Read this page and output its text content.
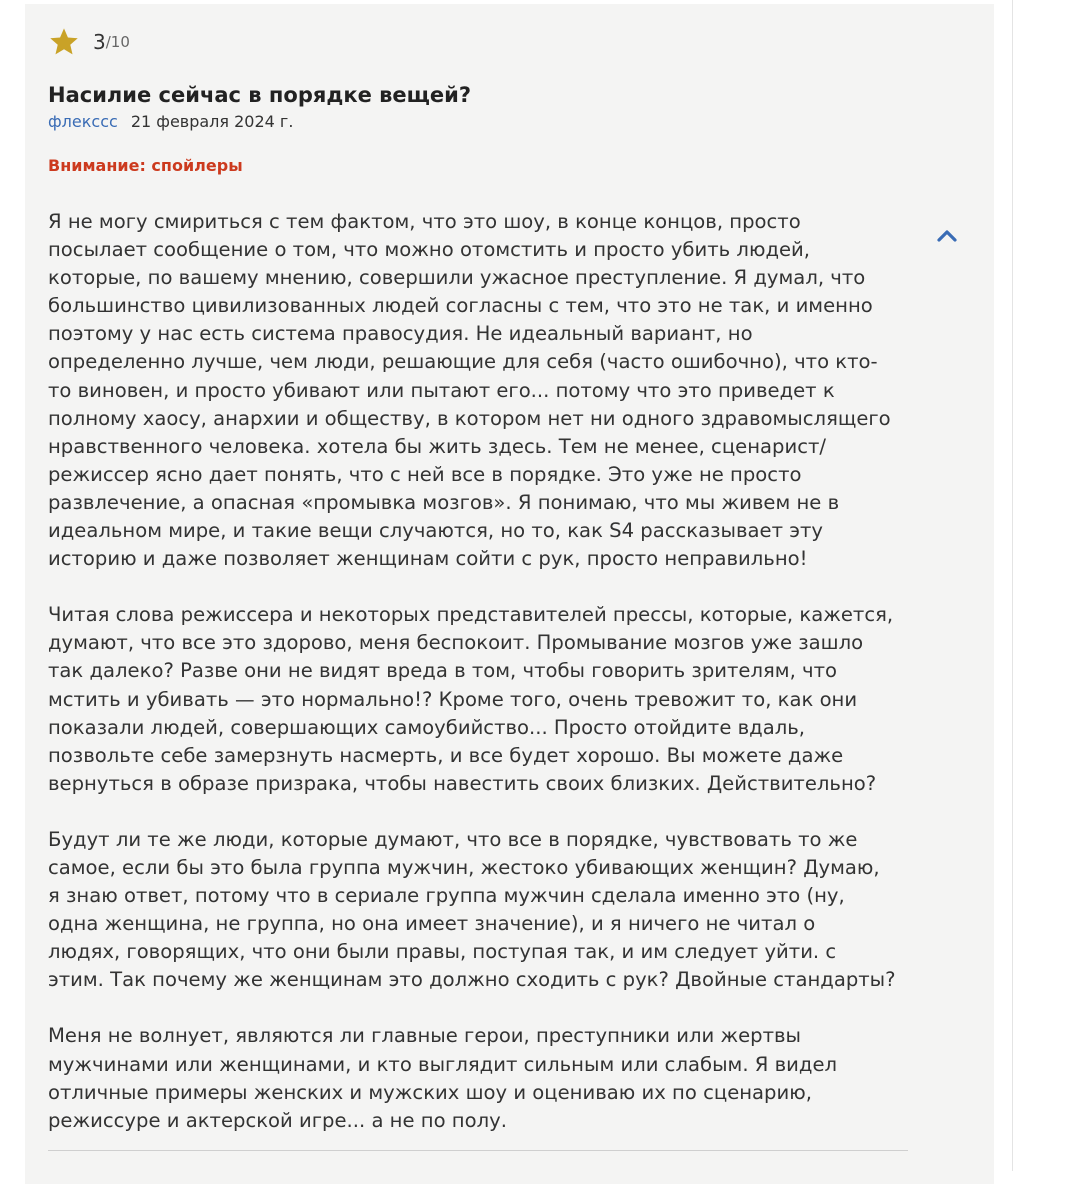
3 /10
Насилие сейчас в порядке вещей?
флекссс 21 февраля 2024 г.
Внимание: спойлеры

Я не могу смириться с тем фактом, что это шоу, в конце концов, просто
посылает сообщение о том, что можно отомстить и просто убить людей,
которые, по вашему мнению, совершили ужасное преступление. Я думал, что
большинство цивилизованных людей согласны с тем, что это не так, и именно
поэтому у нас есть система правосудия. Не идеальный вариант, но
определенно лучше, чем люди, решающие для себя (часто ошибочно), что кто-
то виновен, и просто убивают или пытают его... потому что это приведет к
полному хаосу, анархии и обществу, в котором нет ни одного здравомыслящего
нравственного человека. хотела бы жить здесь. Тем не менее, сценарист/
режиссер ясно дает понять, что с ней все в порядке. Это уже не просто
развлечение, а опасная «промывка мозгов». Я понимаю, что мы живем не в
идеальном мире, и такие вещи случаются, но то, как S4 рассказывает эту
историю и даже позволяет женщинам сойти с рук, просто неправильно!

Читая слова режиссера и некоторых представителей прессы, которые, кажется,
думают, что все это здорово, меня беспокоит. Промывание мозгов уже зашло
так далеко? Разве они не видят вреда в том, чтобы говорить зрителям, что
мстить и убивать — это нормально!? Кроме того, очень тревожит то, как они
показали людей, совершающих самоубийство... Просто отойдите вдаль,
позвольте себе замерзнуть насмерть, и все будет хорошо. Вы можете даже
вернуться в образе призрака, чтобы навестить своих близких. Действительно?

Будут ли те же люди, которые думают, что все в порядке, чувствовать то же
самое, если бы это была группа мужчин, жестоко убивающих женщин? Думаю,
я знаю ответ, потому что в сериале группа мужчин сделала именно это (ну,
одна женщина, не группа, но она имеет значение), и я ничего не читал о
людях, говорящих, что они были правы, поступая так, и им следует уйти. с
этим. Так почему же женщинам это должно сходить с рук? Двойные стандарты?

Меня не волнует, являются ли главные герои, преступники или жертвы
мужчинами или женщинами, и кто выглядит сильным или слабым. Я видел
отличные примеры женских и мужских шоу и оцениваю их по сценарию,
режиссуре и актерской игре... а не по полу.
